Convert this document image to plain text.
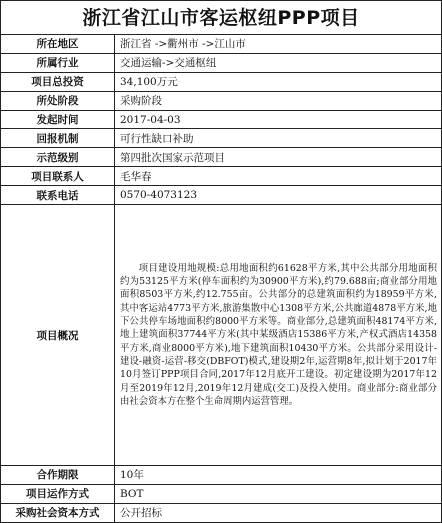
浙江省江山市客运枢纽PPP项目
所在地区	浙江省 ->衢州市 ->江山市
所属行业	交通运输->交通枢纽
项目总投资	34,100万元
所处阶段	采购阶段
发起时间	2017-04-03
回报机制	可行性缺口补助
示范级别	第四批次国家示范项目
项目联系人	毛华春
联系电话	0570-4073123
项目概况	项目建设用地规模:总用地面积约61628平方米,其中公共部分用地面积约为53125平方米(停车面积约为30900平方米),约79.688亩;商业部分用地面积8503平方米,约12.755亩。公共部分的总建筑面积约为18959平方米,其中客运站4773平方米,旅游集散中心1308平方米,公共廊道4878平方米,地下公共停车场地面积约8000平方米等。商业部分,总建筑面积48174平方米,地上建筑面积37744平方米(其中某级酒店15386平方米,产权式酒店14358平方米,商业8000平方米),地下建筑面积10430平方米。公共部分采用设计-建设-融资-运营-移交(DBFOT)模式,建设期2年,运营期8年,拟计划于2017年10月签订PPP项目合同,2017年12月底开工建设。初定建设期为2017年12月至2019年12月,2019年12月建成(交工)及投入使用。商业部分:商业部分由社会资本方在整个生命周期内运营管理。
合作期限	10年
项目运作方式	BOT
采购社会资本方式	公开招标
